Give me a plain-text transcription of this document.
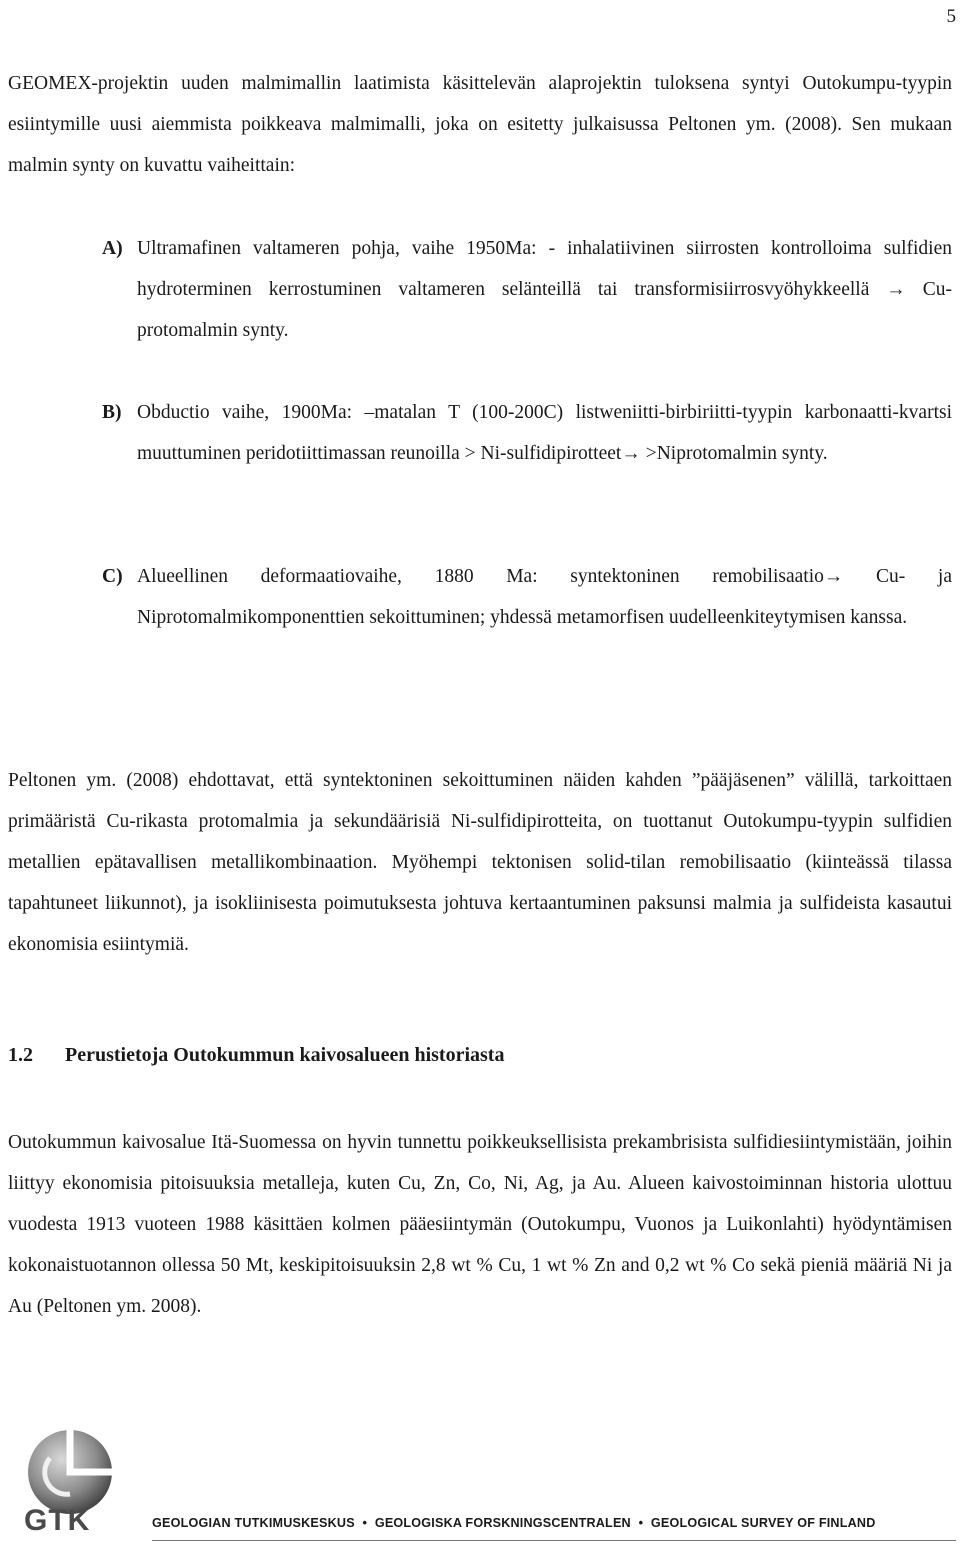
5

GEOMEX-projektin uuden malmimallin laatimista käsittelevän alaprojektin tuloksena syntyi Outokumpu-tyypin esiintymille uusi aiemmista poikkeava malmimalli, joka on esitetty julkaisussa Peltonen ym. (2008). Sen mukaan malmin synty on kuvattu vaiheittain:

A) Ultramafinen valtameren pohja, vaihe 1950Ma: - inhalatiivinen siirrosten kontrolloima sulfidien hydroterminen kerrostuminen valtameren selänteillä tai transformisiirrosvyöhykkeellä → Cu-protomalmin synty.
B) Obductio vaihe, 1900Ma: –matalan T (100-200C) listweniitti-birbiriitti-tyypin karbonaatti-kvartsi muuttuminen peridotiittimassan reunoilla > Ni-sulfidipirotteet→ >Niprotomalmin synty.
C) Alueellinen deformaatiovaihe, 1880 Ma: syntektoninen remobilisaatio→ Cu- ja Niprotomalmikomponenttien sekoittuminen; yhdessä metamorfisen uudelleenkiteytymisen kanssa.

Peltonen ym. (2008) ehdottavat, että syntektoninen sekoittuminen näiden kahden ”pääjäsenen” välillä, tarkoittaen primääristä Cu-rikasta protomalmia ja sekundäärisiä Ni-sulfidipirotteita, on tuottanut Outokumpu-tyypin sulfidien metallien epätavallisen metallikombinaation. Myöhempi tektonisen solid-tilan remobilisaatio (kiinteässä tilassa tapahtuneet liikunnot), ja isokliinisesta poimutuksesta johtuva kertaantuminen paksunsi malmia ja sulfideista kasautui ekonomisia esiintymiä.

1.2 Perustietoja Outokummun kaivosalueen historiasta

Outokummun kaivosalue Itä-Suomessa on hyvin tunnettu poikkeuksellisista prekambrisista sulfidiesiintymistään, joihin liittyy ekonomisia pitoisuuksia metalleja, kuten Cu, Zn, Co, Ni, Ag, ja Au. Alueen kaivostoiminnan historia ulottuu vuodesta 1913 vuoteen 1988 käsittäen kolmen pääesiintymän (Outokumpu, Vuonos ja Luikonlahti) hyödyntämisen kokonaistuotannon ollessa 50 Mt, keskipitoisuuksin 2,8 wt % Cu, 1 wt % Zn and 0,2 wt % Co sekä pieniä määriä Ni ja Au (Peltonen ym. 2008).

GTK	GEOLOGIAN TUTKIMUSKESKUS • GEOLOGISKA FORSKNINGSCENTRALEN • GEOLOGICAL SURVEY OF FINLAND
